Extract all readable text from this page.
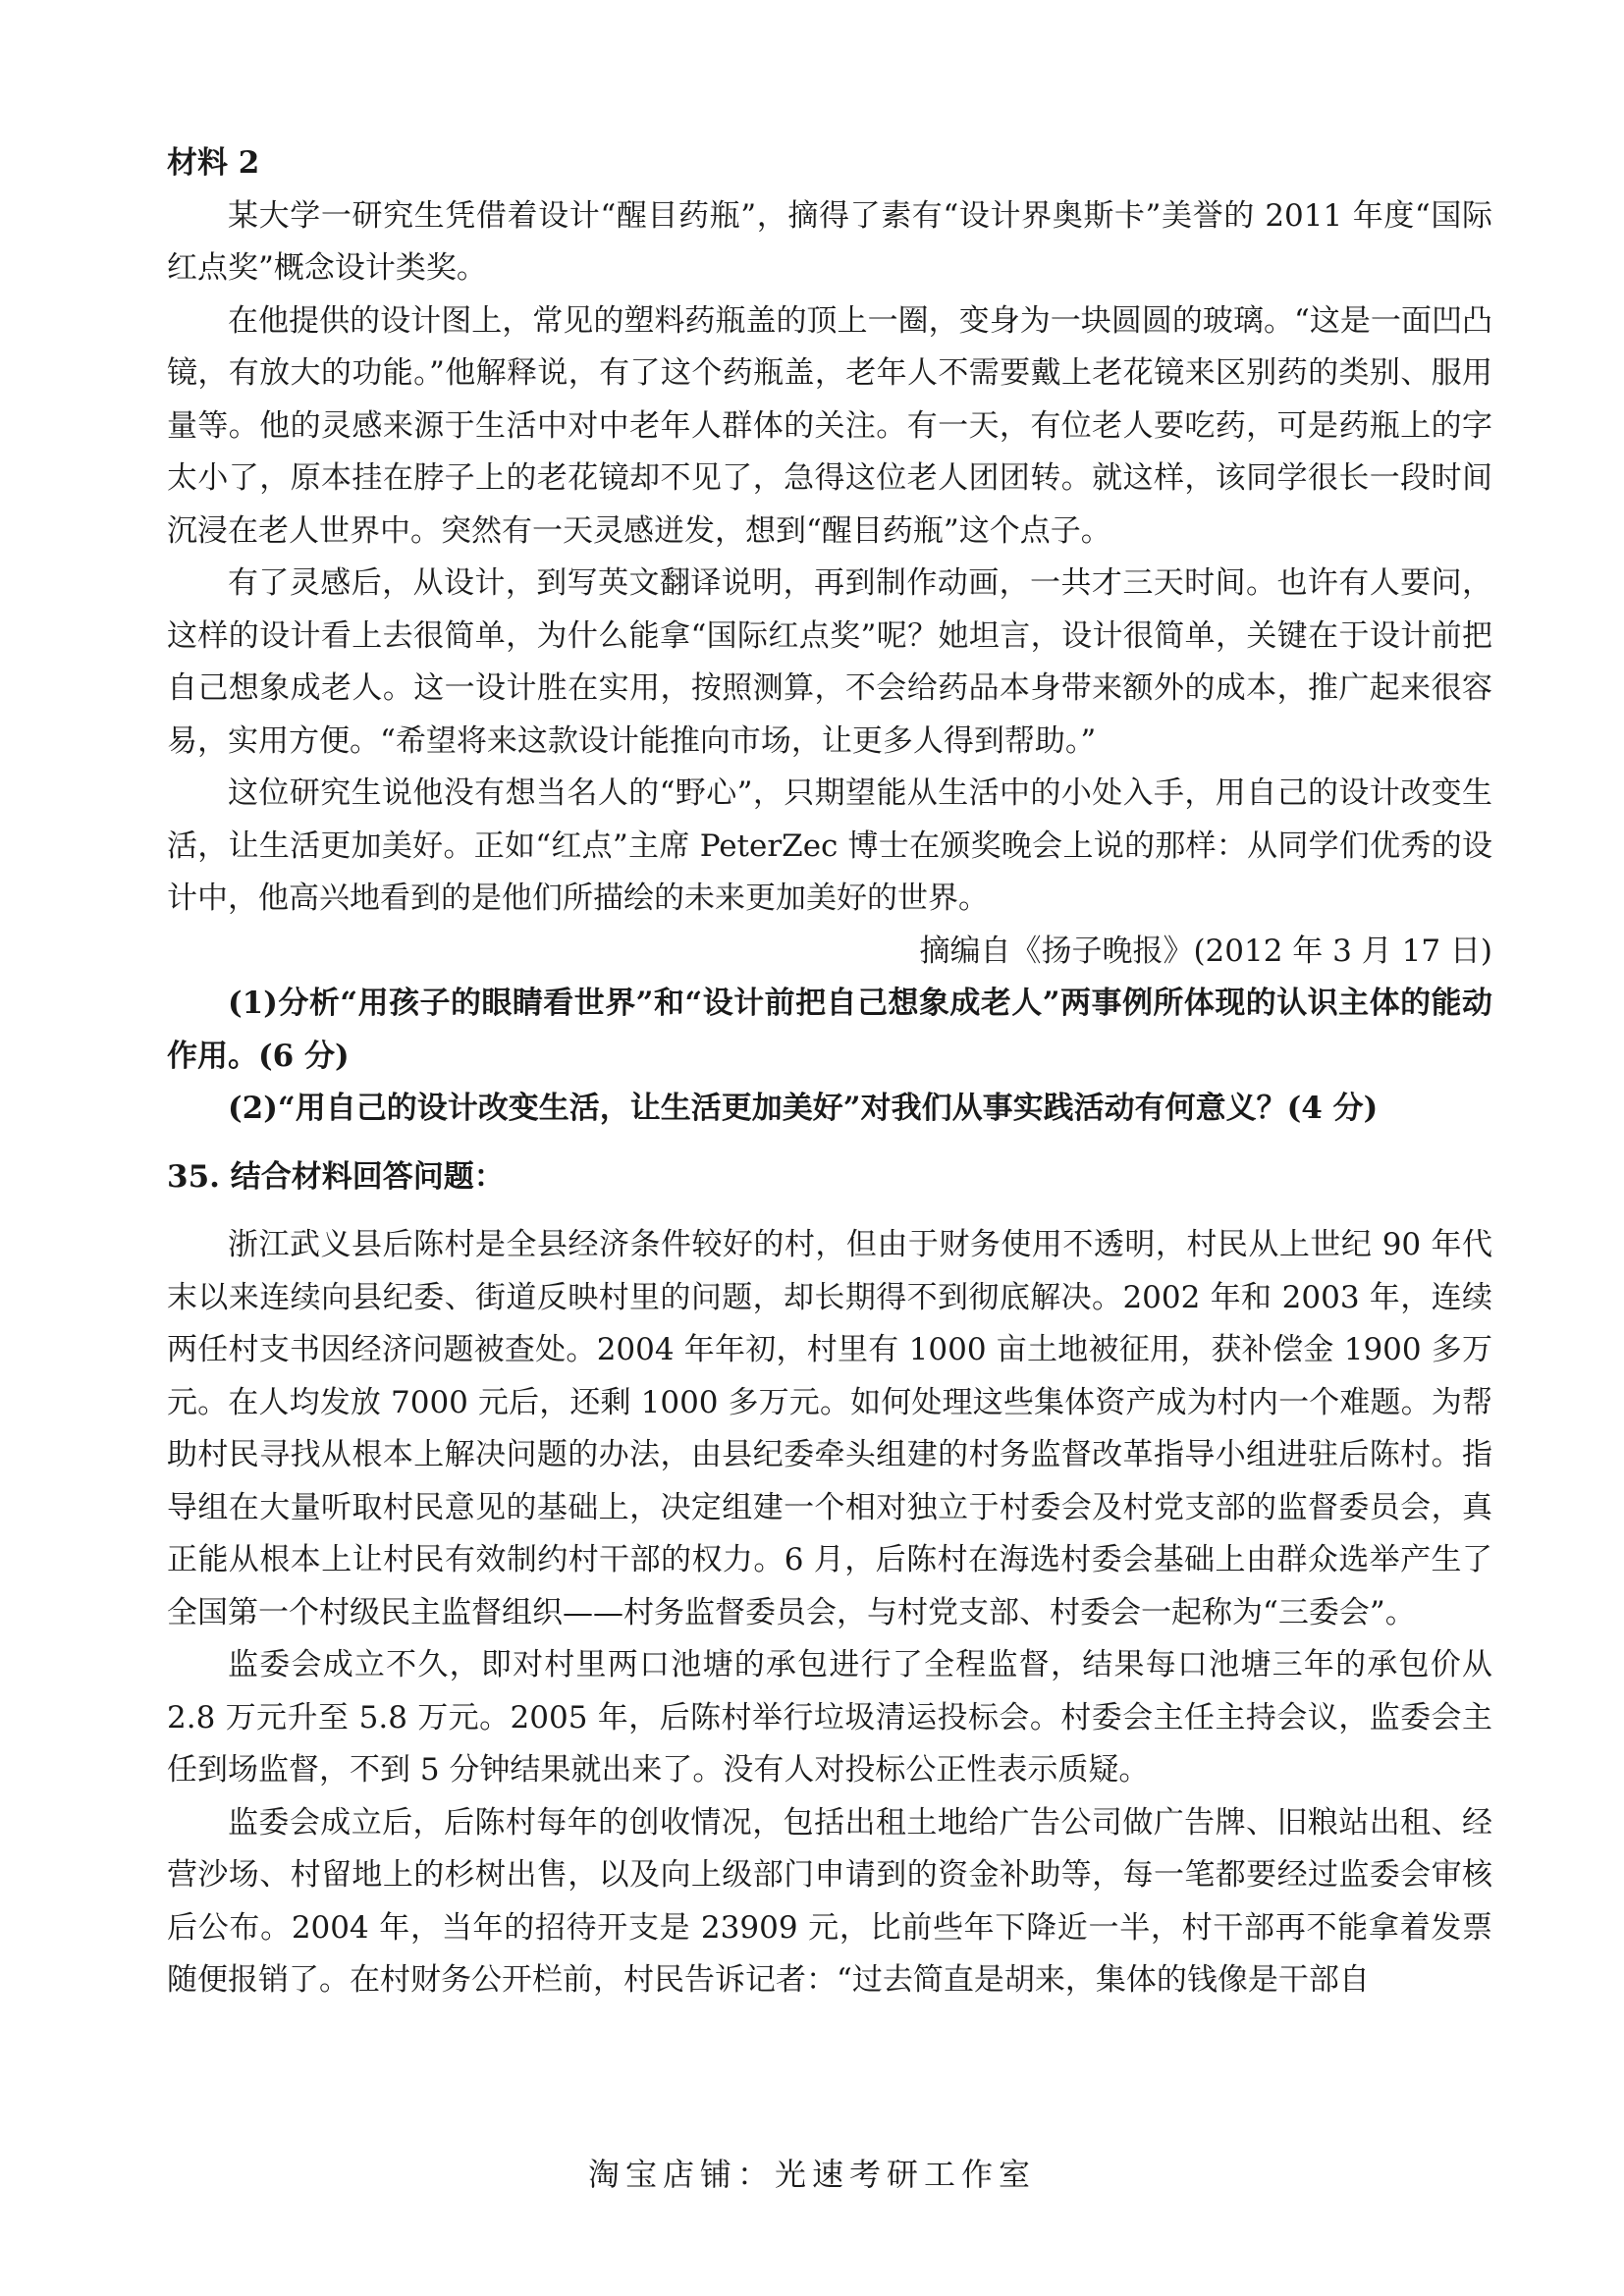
材料 2

某大学一研究生凭借着设计“醒目药瓶”，摘得了素有“设计界奥斯卡”美誉的 2011 年度“国际红点奖”概念设计类奖。

在他提供的设计图上，常见的塑料药瓶盖的顶上一圈，变身为一块圆圆的玻璃。“这是一面凹凸镜，有放大的功能。”他解释说，有了这个药瓶盖，老年人不需要戴上老花镜来区别药的类别、服用量等。他的灵感来源于生活中对中老年人群体的关注。有一天，有位老人要吃药，可是药瓶上的字太小了，原本挂在脖子上的老花镜却不见了，急得这位老人团团转。就这样，该同学很长一段时间沉浸在老人世界中。突然有一天灵感迸发，想到“醒目药瓶”这个点子。

有了灵感后，从设计，到写英文翻译说明，再到制作动画，一共才三天时间。也许有人要问，这样的设计看上去很简单，为什么能拿“国际红点奖”呢？她坦言，设计很简单，关键在于设计前把自己想象成老人。这一设计胜在实用，按照测算，不会给药品本身带来额外的成本，推广起来很容易，实用方便。“希望将来这款设计能推向市场，让更多人得到帮助。”

这位研究生说他没有想当名人的“野心”，只期望能从生活中的小处入手，用自己的设计改变生活，让生活更加美好。正如“红点”主席 PeterZec 博士在颁奖晚会上说的那样：从同学们优秀的设计中，他高兴地看到的是他们所描绘的未来更加美好的世界。

摘编自《扬子晚报》(2012 年 3 月 17 日)

(1)分析“用孩子的眼睛看世界”和“设计前把自己想象成老人”两事例所体现的认识主体的能动作用。(6 分)

(2)“用自己的设计改变生活，让生活更加美好”对我们从事实践活动有何意义？(4 分)

35. 结合材料回答问题：

浙江武义县后陈村是全县经济条件较好的村，但由于财务使用不透明，村民从上世纪 90 年代末以来连续向县纪委、街道反映村里的问题，却长期得不到彻底解决。2002 年和 2003 年，连续两任村支书因经济问题被查处。2004 年年初，村里有 1000 亩土地被征用，获补偿金 1900 多万元。在人均发放 7000 元后，还剩 1000 多万元。如何处理这些集体资产成为村内一个难题。为帮助村民寻找从根本上解决问题的办法，由县纪委牵头组建的村务监督改革指导小组进驻后陈村。指导组在大量听取村民意见的基础上，决定组建一个相对独立于村委会及村党支部的监督委员会，真正能从根本上让村民有效制约村干部的权力。6 月，后陈村在海选村委会基础上由群众选举产生了全国第一个村级民主监督组织——村务监督委员会，与村党支部、村委会一起称为“三委会”。

监委会成立不久，即对村里两口池塘的承包进行了全程监督，结果每口池塘三年的承包价从 2.8 万元升至 5.8 万元。2005 年，后陈村举行垃圾清运投标会。村委会主任主持会议，监委会主任到场监督，不到 5 分钟结果就出来了。没有人对投标公正性表示质疑。

监委会成立后，后陈村每年的创收情况，包括出租土地给广告公司做广告牌、旧粮站出租、经营沙场、村留地上的杉树出售，以及向上级部门申请到的资金补助等，每一笔都要经过监委会审核后公布。2004 年，当年的招待开支是 23909 元，比前些年下降近一半，村干部再不能拿着发票随便报销了。在村财务公开栏前，村民告诉记者：“过去简直是胡来，集体的钱像是干部自

淘宝店铺：光速考研工作室
